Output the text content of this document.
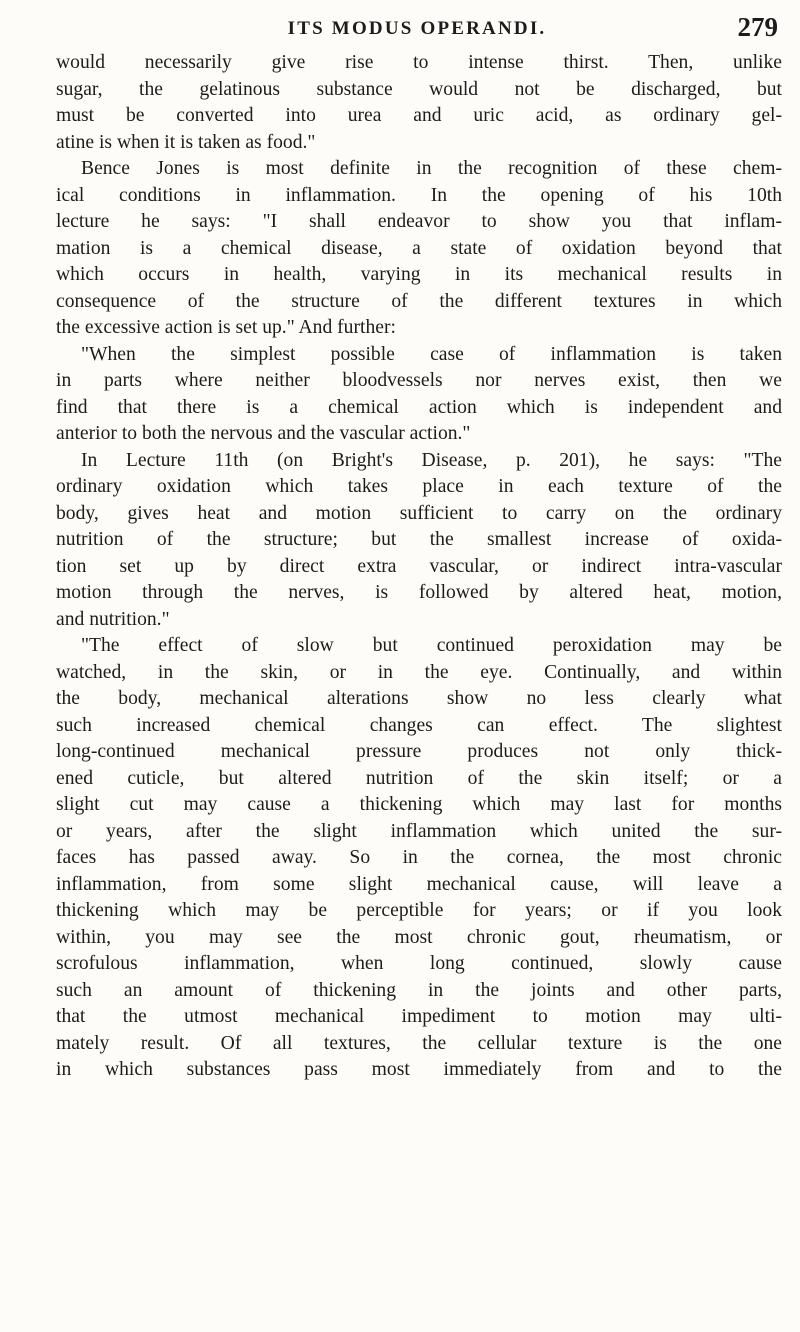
ITS MODUS OPERANDI.	279
would necessarily give rise to intense thirst. Then, unlike
sugar, the gelatinous substance would not be discharged, but
must be converted into urea and uric acid, as ordinary gel-
atine is when it is taken as food."
Bence Jones is most definite in the recognition of these chem-
ical conditions in inflammation. In the opening of his 10th
lecture he says: "I shall endeavor to show you that inflam-
mation is a chemical disease, a state of oxidation beyond that
which occurs in health, varying in its mechanical results in
consequence of the structure of the different textures in which
the excessive action is set up." And further:
"When the simplest possible case of inflammation is taken
in parts where neither bloodvessels nor nerves exist, then we
find that there is a chemical action which is independent and
anterior to both the nervous and the vascular action."
In Lecture 11th (on Bright's Disease, p. 201), he says: "The
ordinary oxidation which takes place in each texture of the
body, gives heat and motion sufficient to carry on the ordinary
nutrition of the structure; but the smallest increase of oxida-
tion set up by direct extra vascular, or indirect intra-vascular
motion through the nerves, is followed by altered heat, motion,
and nutrition."
"The effect of slow but continued peroxidation may be
watched, in the skin, or in the eye. Continually, and within
the body, mechanical alterations show no less clearly what
such increased chemical changes can effect. The slightest
long-continued mechanical pressure produces not only thick-
ened cuticle, but altered nutrition of the skin itself; or a
slight cut may cause a thickening which may last for months
or years, after the slight inflammation which united the sur-
faces has passed away. So in the cornea, the most chronic
inflammation, from some slight mechanical cause, will leave a
thickening which may be perceptible for years; or if you look
within, you may see the most chronic gout, rheumatism, or
scrofulous inflammation, when long continued, slowly cause
such an amount of thickening in the joints and other parts,
that the utmost mechanical impediment to motion may ulti-
mately result. Of all textures, the cellular texture is the one
in which substances pass most immediately from and to the
